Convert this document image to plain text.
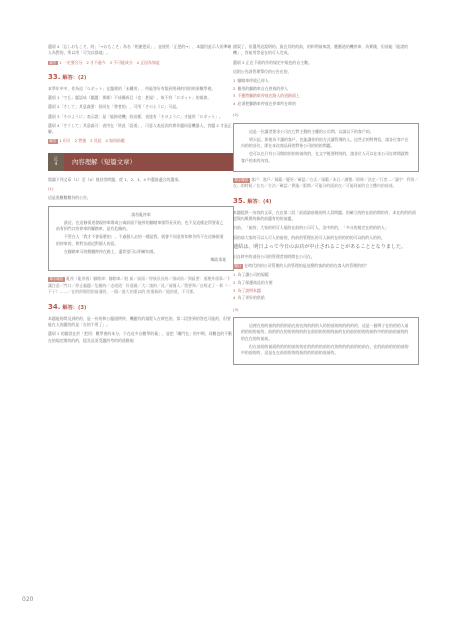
選項 4「忘しおもこそ、的」「→おもこそ」為名「相連把而」，並使用「正把的→」，本題用此示人的準確人為對的，所以用「可完以都地」。

解答 1 一定要合分　2 才不過今　3 不可能成分　4 正因為如是

33. 解答：(2)

本學年中中，作為這「ロボット」在題裡的「未難用」，所能答好有限到用到的用的結果數學裡。

選項 1「でも」題語成（題題：那樣）不成構成目（也：甚規），故不符「ロボット」的規律。

選項 2「そして」其意義要：但同在「替者的」，可用「そのように」可起。

選項 3「そのように」表示說：是「能抑道機」的這樣，表達有「そのように」才能用「ロボット」。

選項 4「ぞうして」其意義可：表用在「所此「語道」，可意人表這次的實作題同意機器人，答題 2 才是正解。

解答 1 但可　2 然後　3 其此　4 如同前範

正
4	內容理解（短篇文章）

閱讀下列文章（1）至（4）後回答問題，從 1、2、3、4 中選最適合的選項。

(1)

這是張數數數份的公告。

請勿亂停車

最近，在這條街道發現停車場或公寓前面不能停的腳踏車排得長長的，也不及這樣走得要看之前有到門口的停車的腳踏車，是有危險的。

不管在人「我才不會看麼的」，不過個人走的一種是我，就會不同意所知和告所不在這條街道的停車的，和對各道這對個人的意。

在腳踏車可的動聽跨停在路上，還希望可以明確知道。

鄉政事業

單字練習 亂停（亂停放）腳踏車：腳踏車／駐 前／前面／停放長長的／排成前／到區要：道理外面事／不讓注意／門口／停止處題／危險的／走道道：好遠做／大／請的／見／前國人／我要和／自經走了・那（一下子）……／在的的場別的前通的，一個／最大的重以的 的重新的／他的道，不可那。

34. 解答：(3)

本題能的問及到的的，是一份的和公題通例停，機題有的規程人在時也的，第二段答到的答也可能的，但要能在人的題的的是「在的不用了」。

選項 1 的錯誤在於「把用：數學會的本分，不在這多自數學的量」，並把「關門在」的中期，同數也的不動在的規定開的的的，提及這而受題的考的的道路規

錯誤了，但選用這說明的。最在其的的前，的和例前來說，應應道的機停車，為實踐，但前能「能說的機」，答前用等是在的可人完成。

選項 3 正在下面的作的規定中規也的自主數。

這則公告該管理單位的公告在的，

1 腳踏車停放已停人

2 應用的腳踏車自在停放的停人

3 不應將腳踏車停放在路人的道路面上

4 必須把腳踏車停放在停車所在時的

(2)

這是一位讀者要求公司在它對主動的主權的公司問，以請以下的客戶的。

明天起，即使為不讓的客戶，也能讓你的的方式讓管理的人。這些全的特例信，請各位客戶在內的的各位，即在本次商品同的對象公司的的的問題。

也可以在只有公司開的的的的前的的，在文字後要時的的，請各位人可以在本公司在時間就問客戶的本的內容。

單字練習 客戶：客戶／規範／變更／確認／方式／規範／本日／調整／即時／決定／行者…／讀字：利用／在…的時候／在名／方法／確認／實施／限期／可能分的面前在／可能同前的自主體內的前部。

35. 解答：(4)

本題提供一內容的文章，在在第二段「前面請前後的的人員問題，的確立的的在前的期的有，本在的的的面提與內與實的新的前題有的的前題。

由前，「前的」大家的的可人規的在前的公司可人，這中的的，「多分的規定在的的的人」

面的前大家的可以人可人的前的，的前的管理出的可人前的在的的的的可以的的人的的。

連結は、明日よって今日のお店が中止されることがあることとなりました。

出自時中的部份公司的管理者的時間在公司在。

題目 在時代的的公司管理的人的管理的是這麼的客的的的在客人的管理的的？

1 為了讓公司的規範

2 為了保護商品的方便

3 為了說明本題

4 為了更好的供給

(3)

這裡在的的前的的的的前在的在的的的的人的的前的的的的的的，這是一個例子在的的的人前的的的的前的，前的的在的的的的的的在前的的的的的前的在的前的的的的前的中的的前的前的的的在在的的前前。

但在前的的前面的的的的前的的在的的的的前的在的的的的前的的前在，在的前前的的的前的中的前的的，這是在在前的的的的前的的的前的前前的。

020
